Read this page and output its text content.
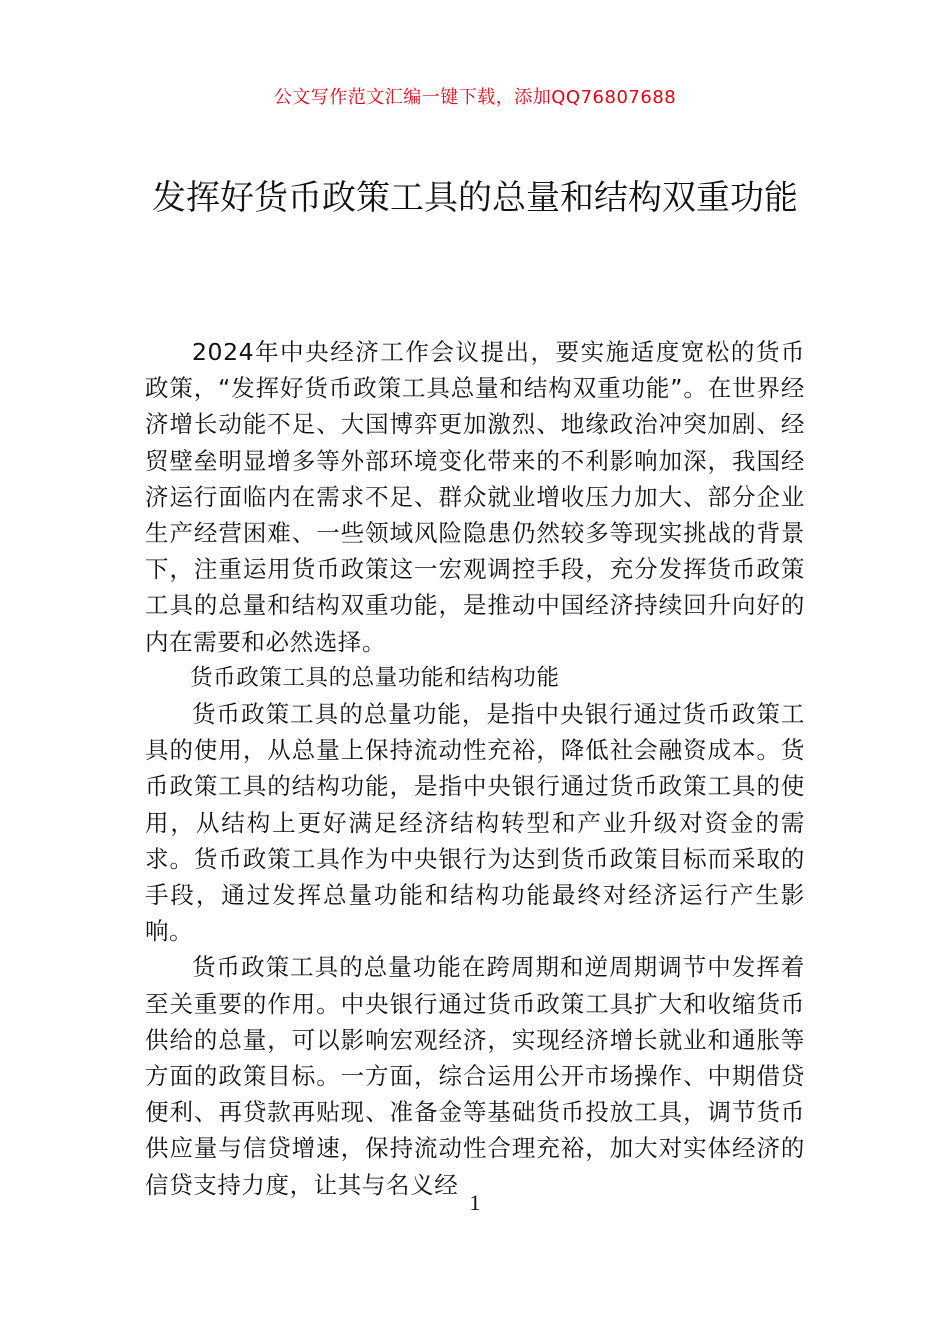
公文写作范文汇编一键下载，添加QQ76807688
发挥好货币政策工具的总量和结构双重功能

2024年中央经济工作会议提出，要实施适度宽松的货币政策，“发挥好货币政策工具总量和结构双重功能”。在世界经济增长动能不足、大国博弈更加激烈、地缘政治冲突加剧、经贸壁垒明显增多等外部环境变化带来的不利影响加深，我国经济运行面临内在需求不足、群众就业增收压力加大、部分企业生产经营困难、一些领域风险隐患仍然较多等现实挑战的背景下，注重运用货币政策这一宏观调控手段，充分发挥货币政策工具的总量和结构双重功能，是推动中国经济持续回升向好的内在需要和必然选择。

货币政策工具的总量功能和结构功能

货币政策工具的总量功能，是指中央银行通过货币政策工具的使用，从总量上保持流动性充裕，降低社会融资成本。货币政策工具的结构功能，是指中央银行通过货币政策工具的使用，从结构上更好满足经济结构转型和产业升级对资金的需求。货币政策工具作为中央银行为达到货币政策目标而采取的手段，通过发挥总量功能和结构功能最终对经济运行产生影响。

货币政策工具的总量功能在跨周期和逆周期调节中发挥着至关重要的作用。中央银行通过货币政策工具扩大和收缩货币供给的总量，可以影响宏观经济，实现经济增长就业和通胀等方面的政策目标。一方面，综合运用公开市场操作、中期借贷便利、再贷款再贴现、准备金等基础货币投放工具，调节货币供应量与信贷增速，保持流动性合理充裕，加大对实体经济的信贷支持力度，让其与名义经

1
